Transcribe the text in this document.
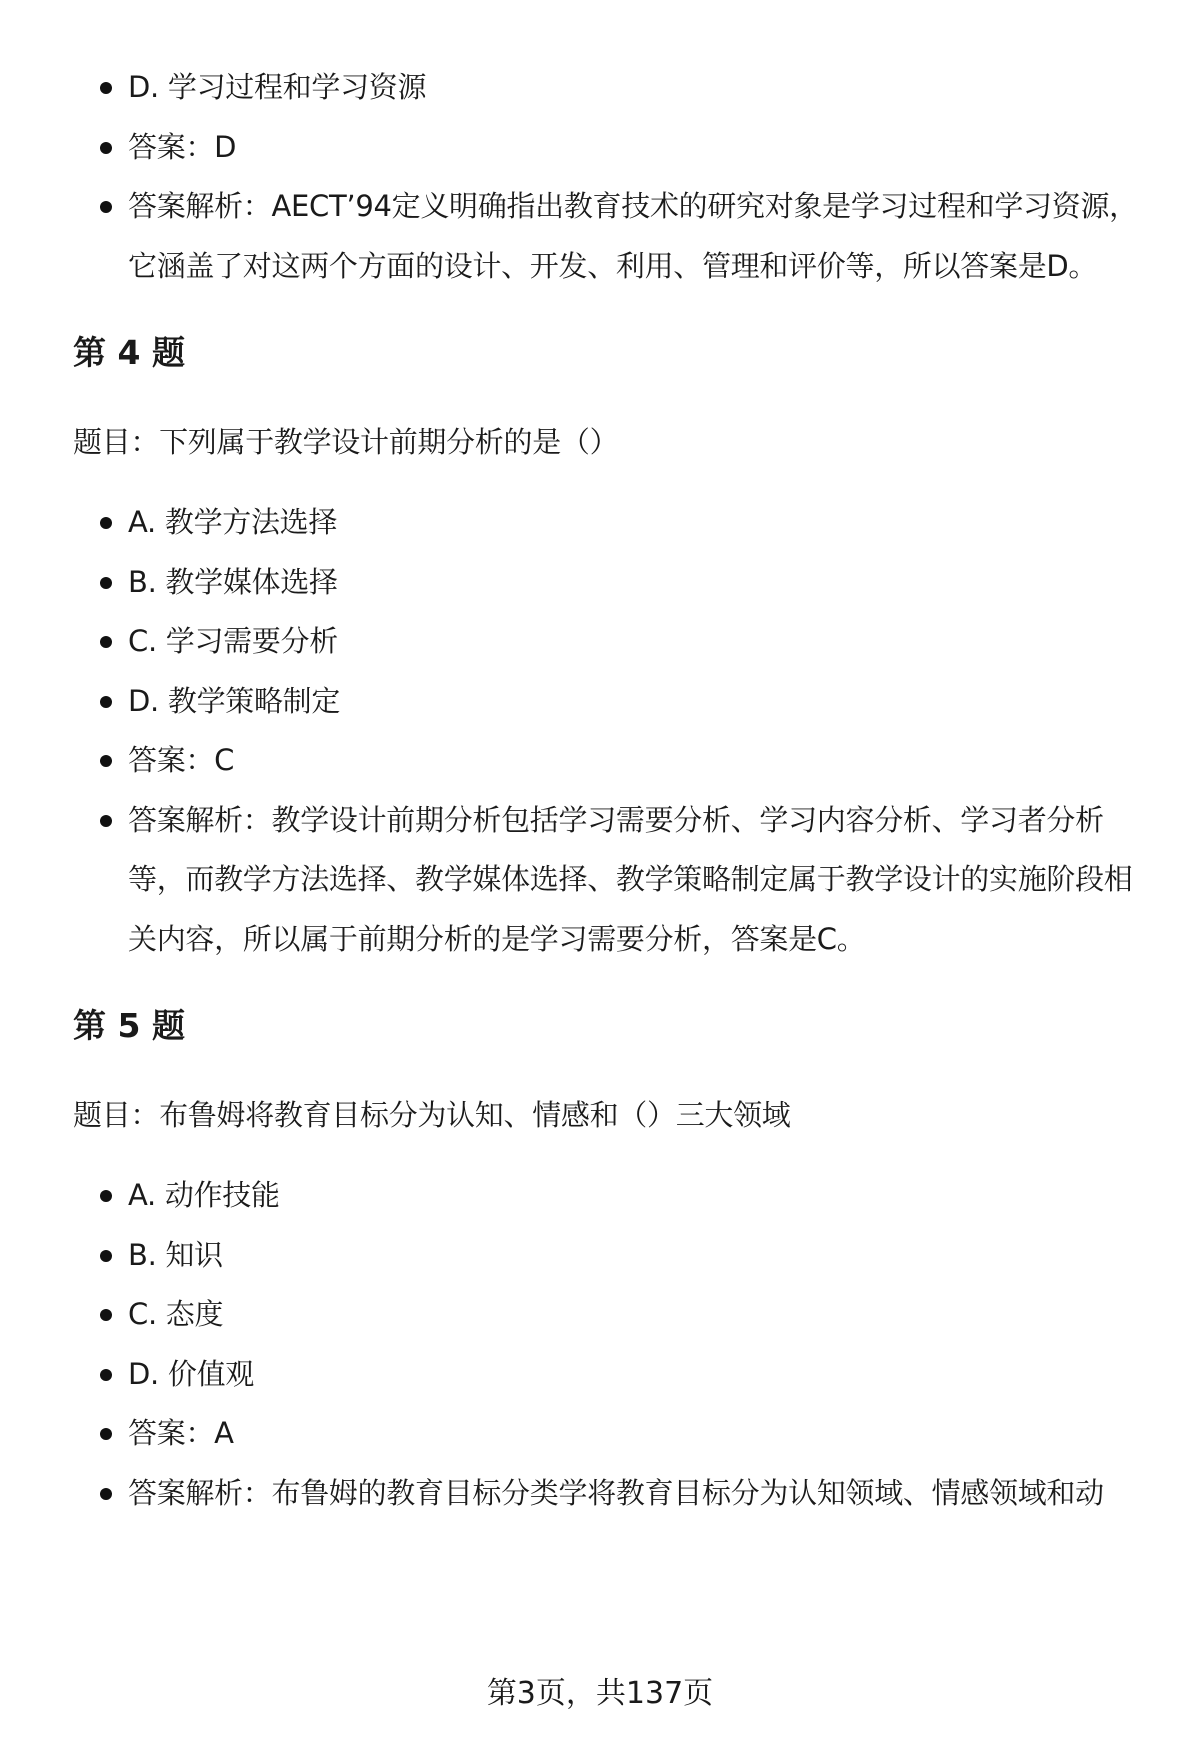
D. 学习过程和学习资源
答案：D
答案解析：AECT’94定义明确指出教育技术的研究对象是学习过程和学习资源，它涵盖了对这两个方面的设计、开发、利用、管理和评价等，所以答案是D。
第 4 题

题目：下列属于教学设计前期分析的是（）

A. 教学方法选择
B. 教学媒体选择
C. 学习需要分析
D. 教学策略制定
答案：C
答案解析：教学设计前期分析包括学习需要分析、学习内容分析、学习者分析等，而教学方法选择、教学媒体选择、教学策略制定属于教学设计的实施阶段相关内容，所以属于前期分析的是学习需要分析，答案是C。
第 5 题

题目：布鲁姆将教育目标分为认知、情感和（）三大领域

A. 动作技能
B. 知识
C. 态度
D. 价值观
答案：A
答案解析：布鲁姆的教育目标分类学将教育目标分为认知领域、情感领域和动
第3页，共137页
